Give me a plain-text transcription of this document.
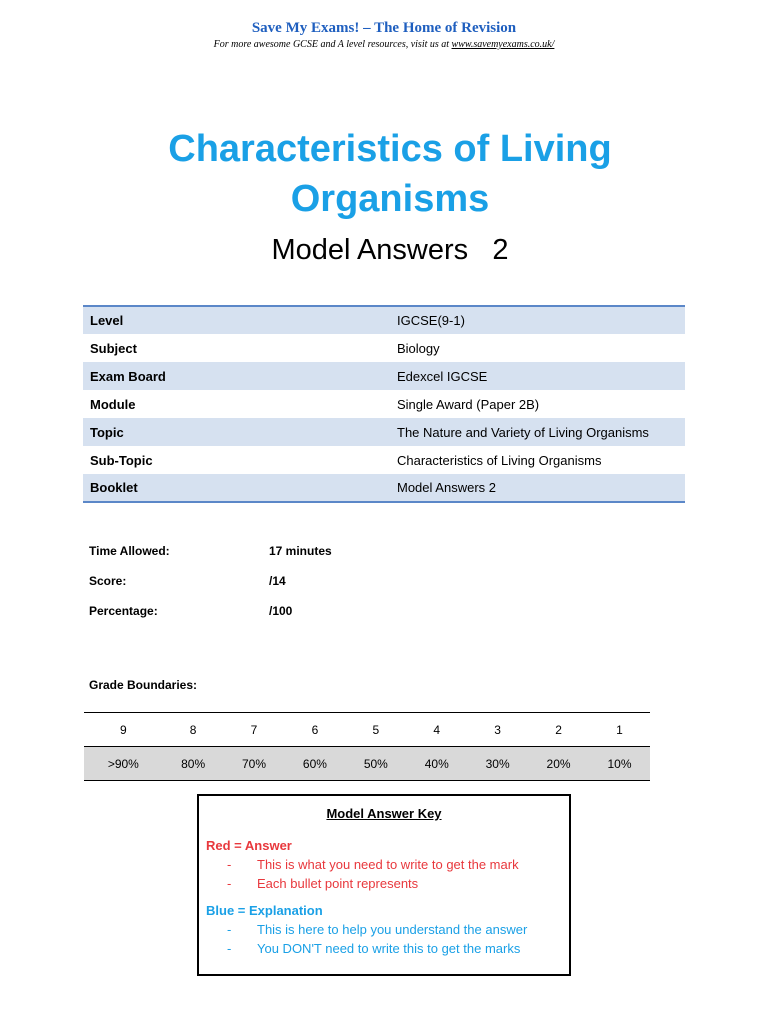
Save My Exams! – The Home of Revision
For more awesome GCSE and A level resources, visit us at www.savemyexams.co.uk/
Characteristics of Living Organisms
Model Answers   2
Level	IGCSE(9-1)
Subject	Biology
Exam Board	Edexcel IGCSE
Module	Single Award (Paper 2B)
Topic	The Nature and Variety of Living Organisms
Sub-Topic	Characteristics of Living Organisms
Booklet	Model Answers 2
Time Allowed:	17 minutes
Score:	/14
Percentage:	/100
Grade Boundaries:
9	8	7	6	5	4	3	2	1
>90%	80%	70%	60%	50%	40%	30%	20%	10%
Model Answer Key
Red = Answer
- This is what you need to write to get the mark
- Each bullet point represents
Blue = Explanation
- This is here to help you understand the answer
- You DON'T need to write this to get the marks
